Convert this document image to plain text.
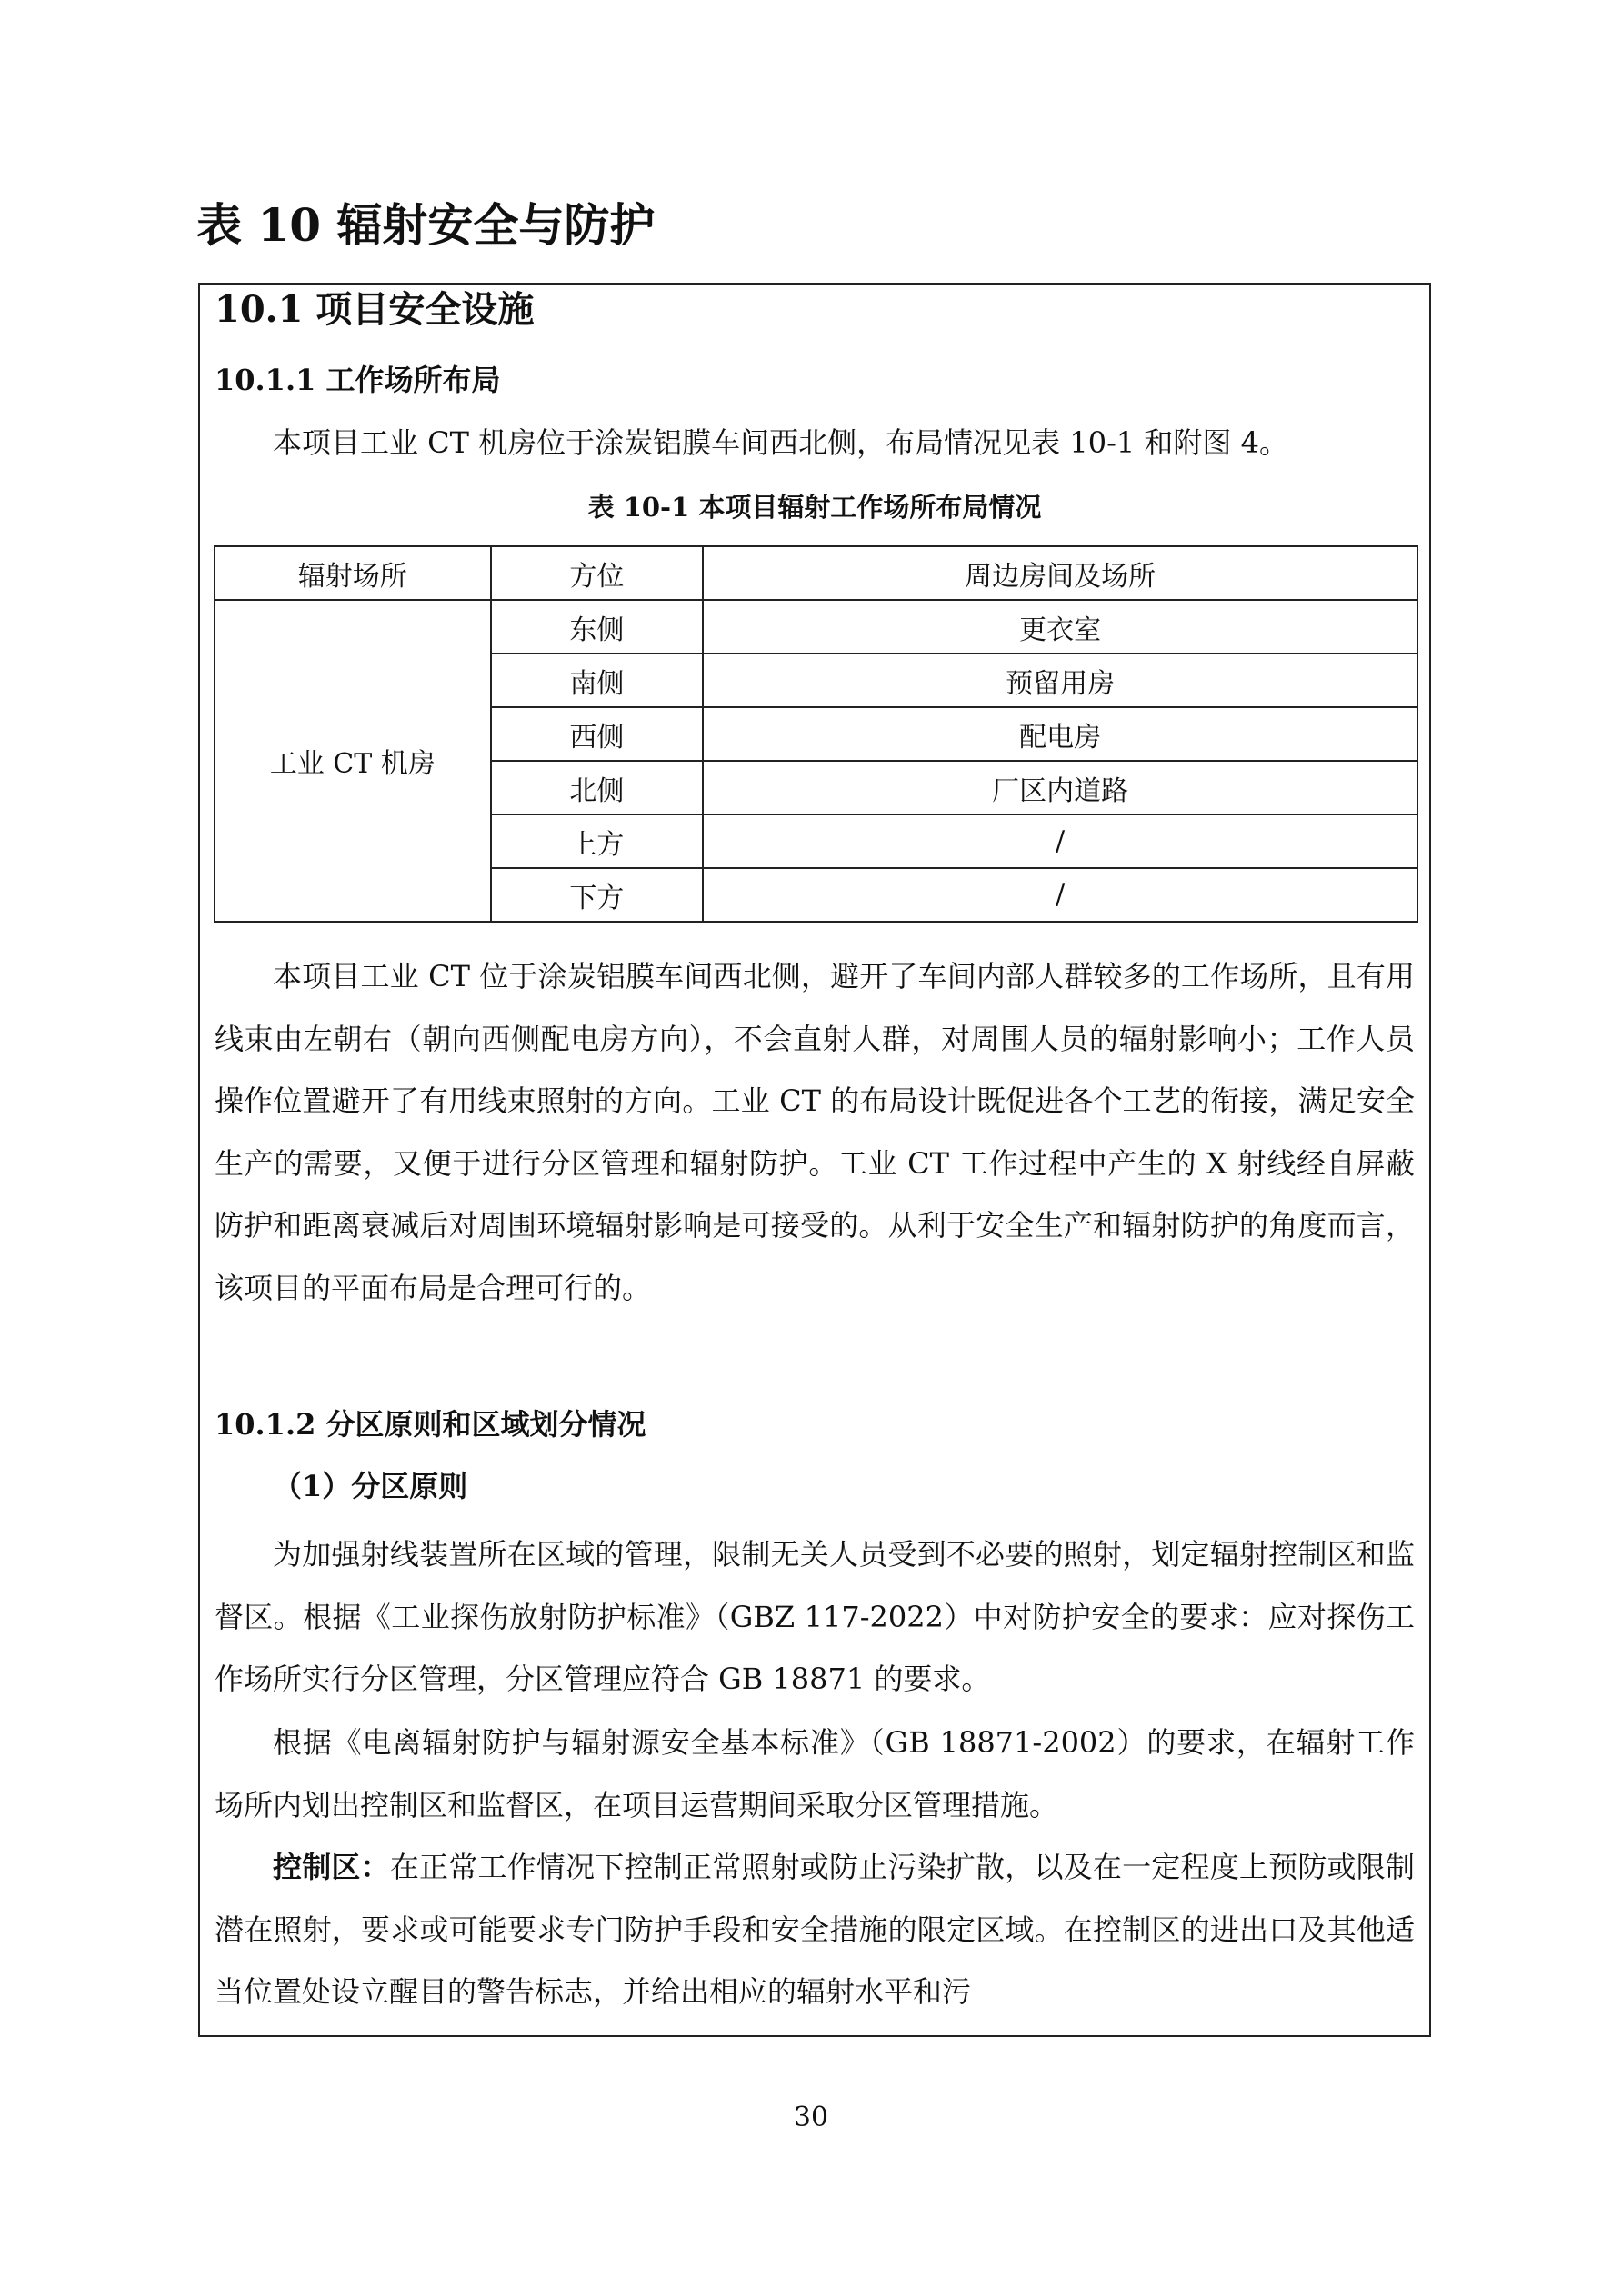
表 10 辐射安全与防护
10.1 项目安全设施
10.1.1 工作场所布局
本项目工业 CT 机房位于涂炭铝膜车间西北侧，布局情况见表 10-1 和附图 4。
表 10-1 本项目辐射工作场所布局情况
辐射场所	方位	周边房间及场所
工业 CT 机房	东侧	更衣室
	南侧	预留用房
	西侧	配电房
	北侧	厂区内道路
	上方	/
	下方	/
本项目工业 CT 位于涂炭铝膜车间西北侧，避开了车间内部人群较多的工作场所，且有用线束由左朝右（朝向西侧配电房方向），不会直射人群，对周围人员的辐射影响小；工作人员操作位置避开了有用线束照射的方向。工业 CT 的布局设计既促进各个工艺的衔接，满足安全生产的需要，又便于进行分区管理和辐射防护。工业 CT 工作过程中产生的 X 射线经自屏蔽防护和距离衰减后对周围环境辐射影响是可接受的。从利于安全生产和辐射防护的角度而言，该项目的平面布局是合理可行的。
10.1.2 分区原则和区域划分情况
（1）分区原则
为加强射线装置所在区域的管理，限制无关人员受到不必要的照射，划定辐射控制区和监督区。根据《工业探伤放射防护标准》（GBZ 117-2022）中对防护安全的要求：应对探伤工作场所实行分区管理，分区管理应符合 GB 18871 的要求。
根据《电离辐射防护与辐射源安全基本标准》（GB 18871-2002）的要求，在辐射工作场所内划出控制区和监督区，在项目运营期间采取分区管理措施。
控制区：在正常工作情况下控制正常照射或防止污染扩散，以及在一定程度上预防或限制潜在照射，要求或可能要求专门防护手段和安全措施的限定区域。在控制区的进出口及其他适当位置处设立醒目的警告标志，并给出相应的辐射水平和污
30
